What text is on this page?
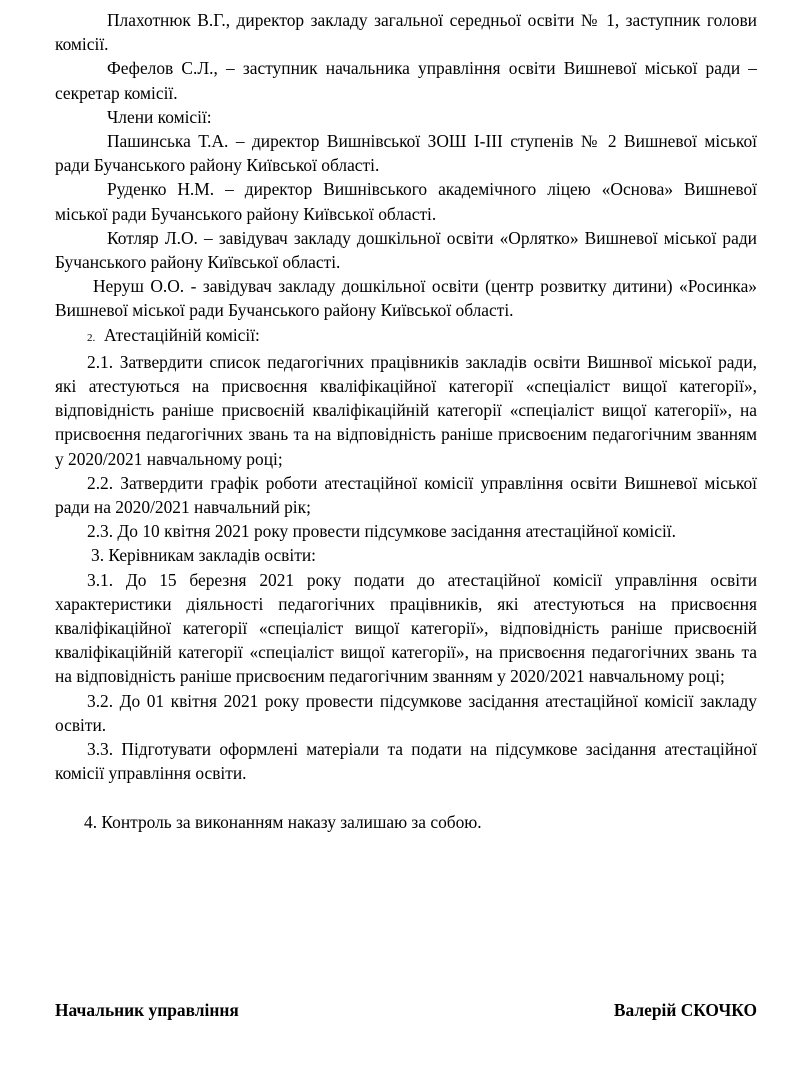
Плахотнюк В.Г., директор закладу загальної середньої освіти № 1, заступник голови комісії.

Фефелов С.Л., – заступник начальника управління освіти Вишневої міської ради – секретар комісії.

Члени комісії:

Пашинська Т.А. – директор Вишнівської ЗОШ І-ІІІ ступенів № 2 Вишневої міської ради Бучанського району Київської області.

Руденко Н.М. – директор Вишнівського академічного ліцею «Основа» Вишневої міської ради Бучанського району Київської області.

Котляр Л.О. – завідувач закладу дошкільної освіти «Орлятко» Вишневої міської ради Бучанського району Київської області.

Неруш О.О. - завідувач закладу дошкільної освіти (центр розвитку дитини) «Росинка» Вишневої міської ради Бучанського району Київської області.

2. Атестаційній комісії:

2.1. Затвердити список педагогічних працівників закладів освіти Вишнвої міської ради, які атестуються на присвоєння кваліфікаційної категорії «спеціаліст вищої категорії», відповідність раніше присвоєній кваліфікаційній категорії «спеціаліст вищої категорії», на присвоєння педагогічних звань та на відповідність раніше присвоєним педагогічним званням у 2020/2021 навчальному році;

2.2. Затвердити графік роботи атестаційної комісії управління освіти Вишневої міської ради на 2020/2021 навчальний рік;

2.3. До 10 квітня 2021 року провести підсумкове засідання атестаційної комісії.

3. Керівникам закладів освіти:

3.1. До 15 березня 2021 року подати до атестаційної комісії управління освіти характеристики діяльності педагогічних працівників, які атестуються на присвоєння кваліфікаційної категорії «спеціаліст вищої категорії», відповідність раніше присвоєній кваліфікаційній категорії «спеціаліст вищої категорії», на присвоєння педагогічних звань та на відповідність раніше присвоєним педагогічним званням у 2020/2021 навчальному році;

3.2. До 01 квітня 2021 року провести підсумкове засідання атестаційної комісії закладу освіти.

3.3. Підготувати оформлені матеріали та подати на підсумкове засідання атестаційної комісії управління освіти.

4. Контроль за виконанням наказу залишаю за собою.

Начальник управління	Валерій СКОЧКО
